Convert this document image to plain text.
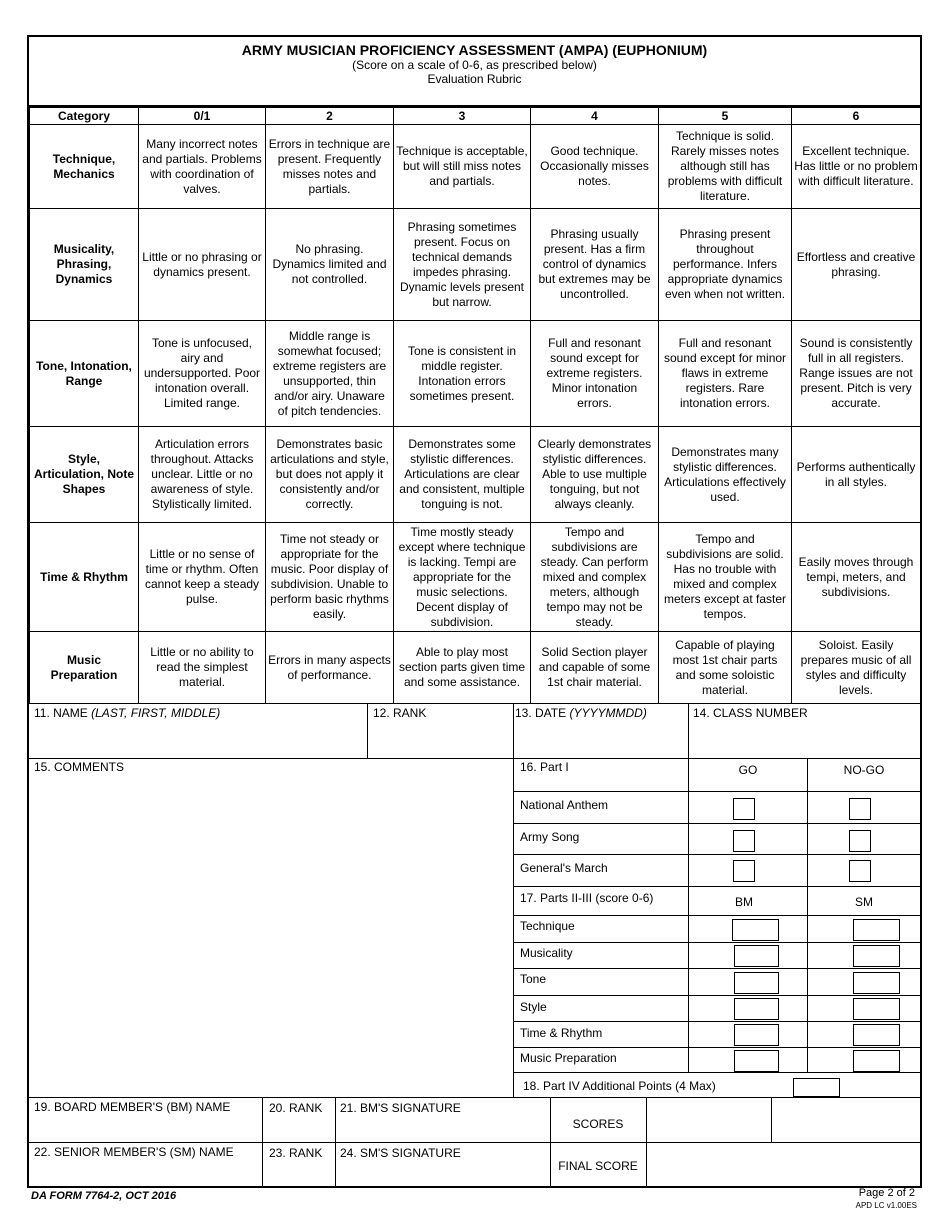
ARMY MUSICIAN PROFICIENCY ASSESSMENT (AMPA) (EUPHONIUM)
(Score on a scale of 0-6, as prescribed below)
Evaluation Rubric
Category	0/1	2	3	4	5	6
Technique, Mechanics	Many incorrect notes and partials. Problems with coordination of valves.	Errors in technique are present. Frequently misses notes and partials.	Technique is acceptable, but will still miss notes and partials.	Good technique. Occasionally misses notes.	Technique is solid. Rarely misses notes although still has problems with difficult literature.	Excellent technique. Has little or no problem with difficult literature.
Musicality, Phrasing, Dynamics	Little or no phrasing or dynamics present.	No phrasing. Dynamics limited and not controlled.	Phrasing sometimes present. Focus on technical demands impedes phrasing. Dynamic levels present but narrow.	Phrasing usually present. Has a firm control of dynamics but extremes may be uncontrolled.	Phrasing present throughout performance. Infers appropriate dynamics even when not written.	Effortless and creative phrasing.
Tone, Intonation, Range	Tone is unfocused, airy and undersupported. Poor intonation overall. Limited range.	Middle range is somewhat focused; extreme registers are unsupported, thin and/or airy. Unaware of pitch tendencies.	Tone is consistent in middle register. Intonation errors sometimes present.	Full and resonant sound except for extreme registers. Minor intonation errors.	Full and resonant sound except for minor flaws in extreme registers. Rare intonation errors.	Sound is consistently full in all registers. Range issues are not present. Pitch is very accurate.
Style, Articulation, Note Shapes	Articulation errors throughout. Attacks unclear. Little or no awareness of style. Stylistically limited.	Demonstrates basic articulations and style, but does not apply it consistently and/or correctly.	Demonstrates some stylistic differences. Articulations are clear and consistent, multiple tonguing is not.	Clearly demonstrates stylistic differences. Able to use multiple tonguing, but not always cleanly.	Demonstrates many stylistic differences. Articulations effectively used.	Performs authentically in all styles.
Time & Rhythm	Little or no sense of time or rhythm. Often cannot keep a steady pulse.	Time not steady or appropriate for the music. Poor display of subdivision. Unable to perform basic rhythms easily.	Time mostly steady except where technique is lacking. Tempi are appropriate for the music selections. Decent display of subdivision.	Tempo and subdivisions are steady. Can perform mixed and complex meters, although tempo may not be steady.	Tempo and subdivisions are solid. Has no trouble with mixed and complex meters except at faster tempos.	Easily moves through tempi, meters, and subdivisions.
Music Preparation	Little or no ability to read the simplest material.	Errors in many aspects of performance.	Able to play most section parts given time and some assistance.	Solid Section player and capable of some 1st chair material.	Capable of playing most 1st chair parts and some soloistic material.	Soloist. Easily prepares music of all styles and difficulty levels.
11. NAME (LAST, FIRST, MIDDLE)	12. RANK	13. DATE (YYYYMMDD)	14. CLASS NUMBER
15. COMMENTS	16. Part I	GO	NO-GO
National Anthem
Army Song
General's March
17. Parts II-III (score 0-6)	BM	SM
Technique
Musicality
Tone
Style
Time & Rhythm
Music Preparation
18. Part IV Additional Points (4 Max)
19. BOARD MEMBER'S (BM) NAME	20. RANK 21. BM'S SIGNATURE
SCORES
22. SENIOR MEMBER'S (SM) NAME	23. RANK 24. SM'S SIGNATURE
FINAL SCORE
DA FORM 7764-2, OCT 2016	Page 2 of 2
APD LC v1.00ES
